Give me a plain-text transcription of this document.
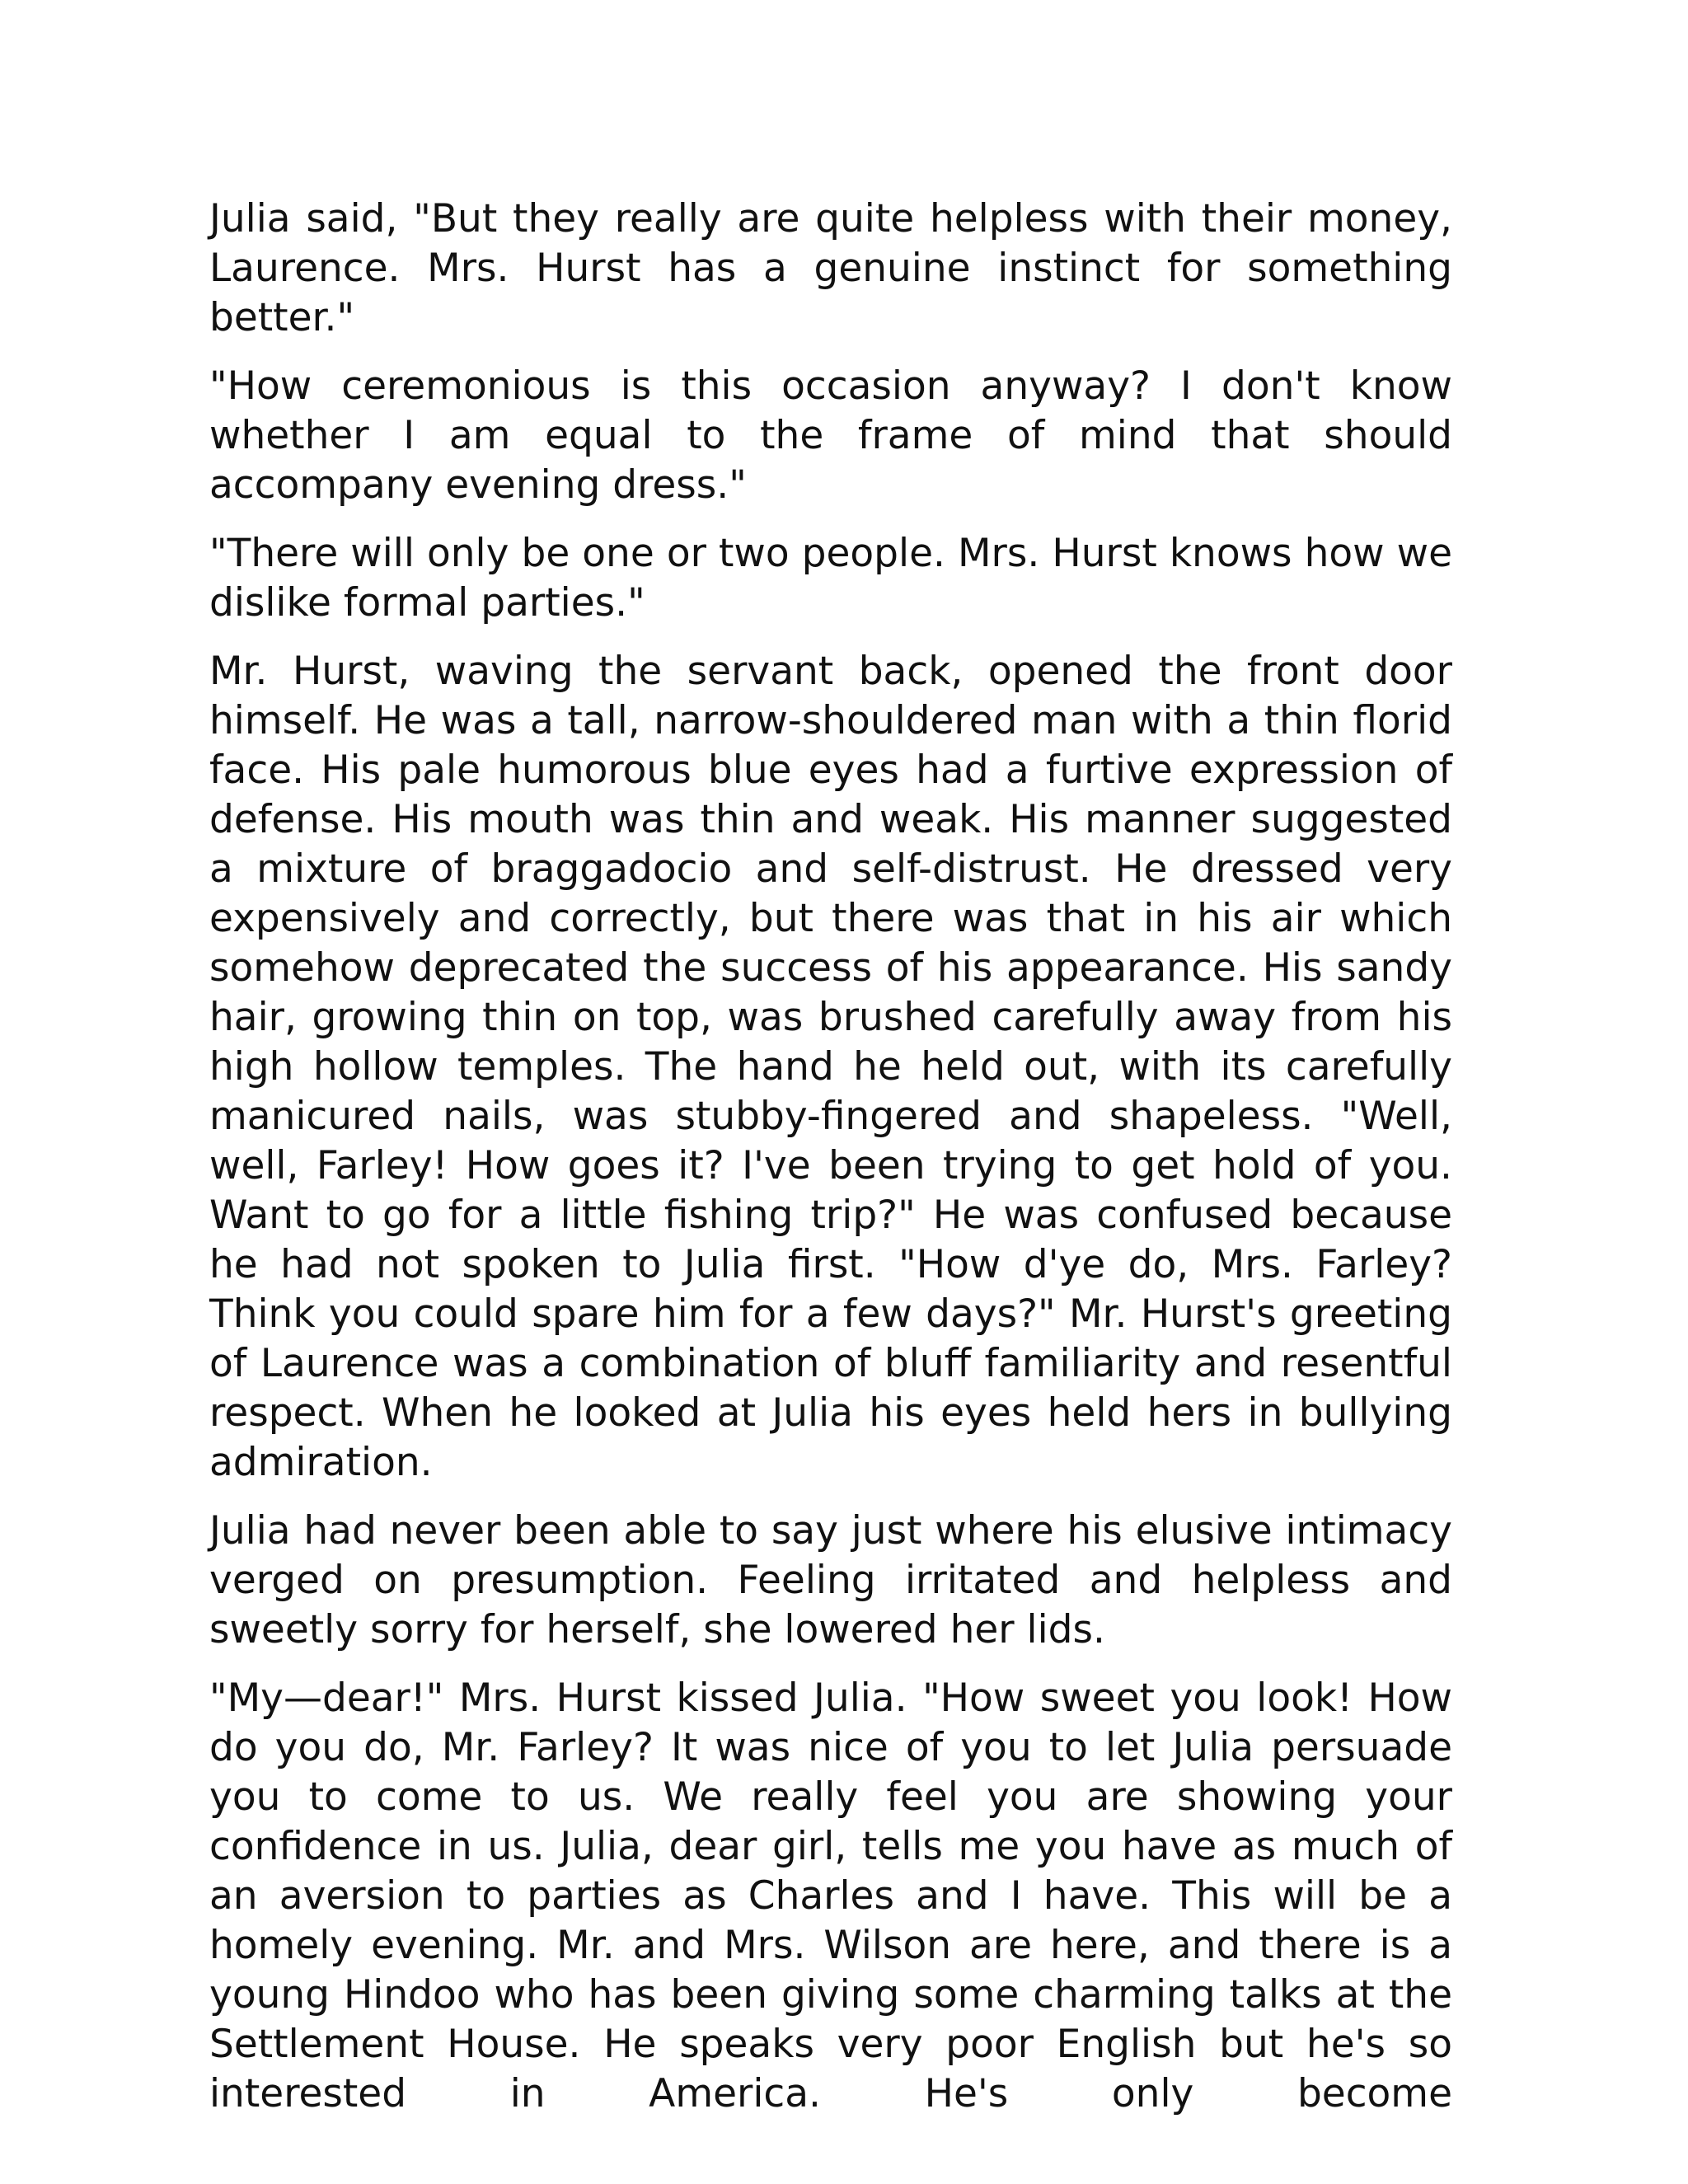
Julia said, "But they really are quite helpless with their money, Laurence. Mrs. Hurst has a genuine instinct for something better."

"How ceremonious is this occasion anyway? I don't know whether I am equal to the frame of mind that should accompany evening dress."

"There will only be one or two people. Mrs. Hurst knows how we dislike formal parties."

Mr. Hurst, waving the servant back, opened the front door himself. He was a tall, narrow-shouldered man with a thin florid face. His pale humorous blue eyes had a furtive expression of defense. His mouth was thin and weak. His manner suggested a mixture of braggadocio and self-distrust. He dressed very expensively and correctly, but there was that in his air which somehow deprecated the success of his appearance. His sandy hair, growing thin on top, was brushed carefully away from his high hollow temples. The hand he held out, with its carefully manicured nails, was stubby-fingered and shapeless. "Well, well, Farley! How goes it? I've been trying to get hold of you. Want to go for a little fishing trip?" He was confused because he had not spoken to Julia first. "How d'ye do, Mrs. Farley? Think you could spare him for a few days?" Mr. Hurst's greeting of Laurence was a combination of bluff familiarity and resentful respect. When he looked at Julia his eyes held hers in bullying admiration.

Julia had never been able to say just where his elusive intimacy verged on presumption. Feeling irritated and helpless and sweetly sorry for herself, she lowered her lids.

"My—dear!" Mrs. Hurst kissed Julia. "How sweet you look! How do you do, Mr. Farley? It was nice of you to let Julia persuade you to come to us. We really feel you are showing your confidence in us. Julia, dear girl, tells me you have as much of an aversion to parties as Charles and I have. This will be a homely evening. Mr. and Mrs. Wilson are here, and there is a young Hindoo who has been giving some charming talks at the Settlement House. He speaks very poor English but he's so interested in America. He's only become
